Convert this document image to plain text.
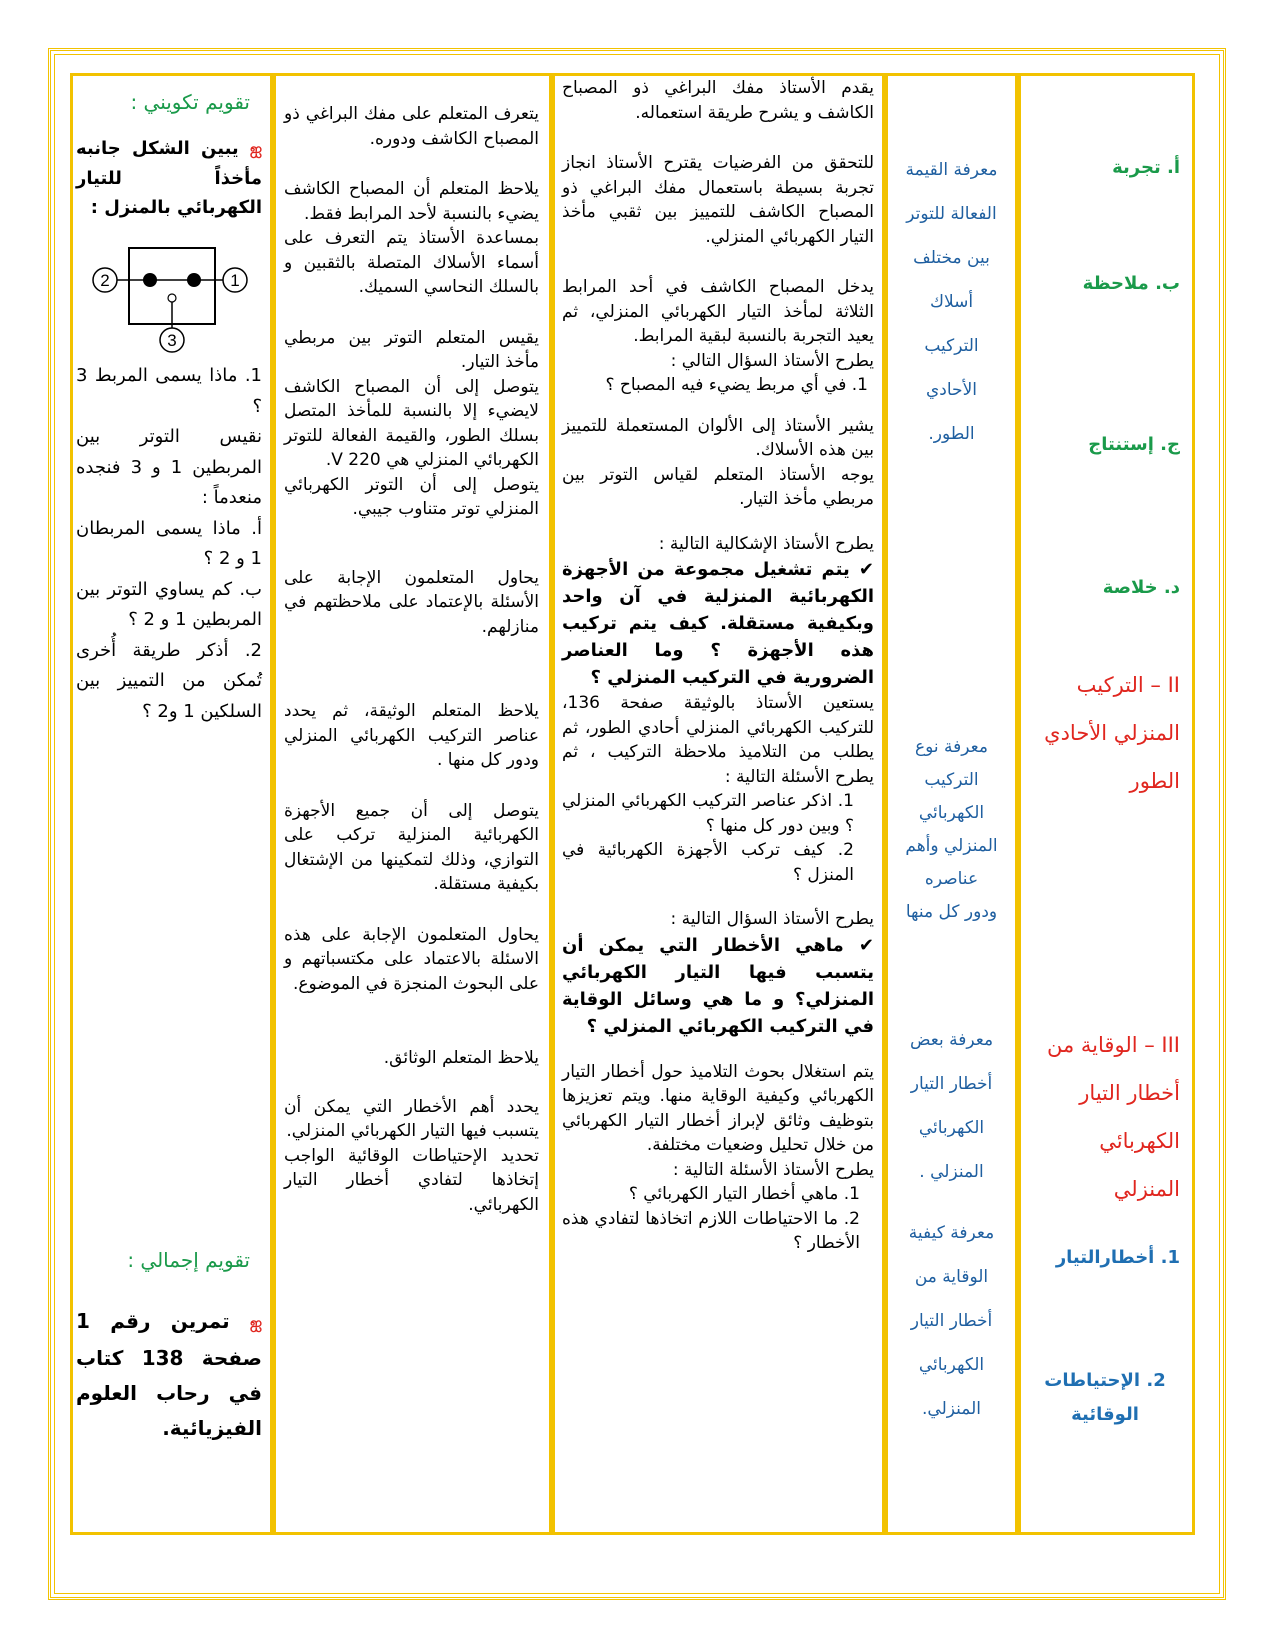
أ. تجربة
ب. ملاحظة
ج. إستنتاج
د. خلاصة
II – التركيب
المنزلي الأحادي
الطور
III – الوقاية من
أخطار التيار
الكهربائي
المنزلي
1. أخطارالتيار
2. الإحتياطات
الوقائية
معرفة القيمة
الفعالة للتوتر
بين مختلف
أسلاك
التركيب
الأحادي
الطور.
معرفة نوع
التركيب
الكهربائي
المنزلي وأهم
عناصره
ودور كل منها
معرفة بعض
أخطار التيار
الكهربائي
المنزلي .
معرفة كيفية
الوقاية من
أخطار التيار
الكهربائي
المنزلي.

يقدم الأستاذ مفك البراغي ذو المصباح الكاشف و يشرح طريقة استعماله.

للتحقق من الفرضيات يقترح الأستاذ انجاز تجربة بسيطة باستعمال مفك البراغي ذو المصباح الكاشف للتمييز بين ثقبي مأخذ التيار الكهربائي المنزلي.

يدخل المصباح الكاشف في أحد المرابط الثلاثة لمأخذ التيار الكهربائي المنزلي، ثم يعيد التجربة بالنسبة لبقية المرابط.

يطرح الأستاذ السؤال التالي :

1. في أي مربط يضيء فيه المصباح ؟

يشير الأستاذ إلى الألوان المستعملة للتمييز بين هذه الأسلاك.

يوجه الأستاذ المتعلم لقياس التوتر بين مربطي مأخذ التيار.

يطرح الأستاذ الإشكالية التالية :

✔ يتم تشغيل مجموعة من الأجهزة الكهربائية المنزلية في آن واحد وبكيفية مستقلة. كيف يتم تركيب هذه الأجهزة ؟ وما العناصر الضرورية في التركيب المنزلي ؟

يستعين الأستاذ بالوثيقة صفحة 136، للتركيب الكهربائي المنزلي أحادي الطور، ثم يطلب من التلاميذ ملاحظة التركيب ، ثم يطرح الأسئلة التالية :

1. اذكر عناصر التركيب الكهربائي المنزلي ؟ وبين دور كل منها ؟

2. كيف تركب الأجهزة الكهربائية في المنزل ؟

يطرح الأستاذ السؤال التالية :

✔ ماهي الأخطار التي يمكن أن يتسبب فيها التيار الكهربائي المنزلي؟ و ما هي وسائل الوقاية في التركيب الكهربائي المنزلي ؟

يتم استغلال بحوث التلاميذ حول أخطار التيار الكهربائي وكيفية الوقاية منها. ويتم تعزيزها بتوظيف وثائق لإبراز أخطار التيار الكهربائي من خلال تحليل وضعيات مختلفة.

يطرح الأستاذ الأسئلة التالية :

1. ماهي أخطار التيار الكهربائي ؟

2. ما الاحتياطات اللازم اتخاذها لتفادي هذه الأخطار ؟

يتعرف المتعلم على مفك البراغي ذو المصباح الكاشف ودوره.

يلاحظ المتعلم أن المصباح الكاشف يضيء بالنسبة لأحد المرابط فقط.

بمساعدة الأستاذ يتم التعرف على أسماء الأسلاك المتصلة بالثقبين و بالسلك النحاسي السميك.

يقيس المتعلم التوتر بين مربطي مأخذ التيار.

يتوصل إلى أن المصباح الكاشف لايضيء إلا بالنسبة للمأخذ المتصل بسلك الطور، والقيمة الفعالة للتوتر الكهربائي المنزلي هي 220 V.

يتوصل إلى أن التوتر الكهربائي المنزلي توتر متناوب جيبي.

يحاول المتعلمون الإجابة على الأسئلة بالإعتماد على ملاحظتهم في منازلهم.

يلاحظ المتعلم الوثيقة، ثم يحدد عناصر التركيب الكهربائي المنزلي ودور كل منها .

يتوصل إلى أن جميع الأجهزة الكهربائية المنزلية تركب على التوازي، وذلك لتمكينها من الإشتغال بكيفية مستقلة.

يحاول المتعلمون الإجابة على هذه الاسئلة بالاعتماد على مكتسباتهم و على البحوث المنجزة في الموضوع.

يلاحظ المتعلم الوثائق.

يحدد أهم الأخطار التي يمكن أن يتسبب فيها التيار الكهربائي المنزلي.

تحديد الإحتياطات الوقائية الواجب إتخاذها لتفادي أخطار التيار الكهربائي.

تقويم تكويني :
ஐ يبين الشكل جانبه مأخذاً للتيار الكهربائي بالمنزل :
1
2
3

1. ماذا يسمى المربط 3 ؟

نقيس التوتر بين المربطين 1 و 3 فنجده منعدماً :

أ. ماذا يسمى المربطان 1 و 2 ؟

ب. كم يساوي التوتر بين المربطين 1 و 2 ؟

2. أذكر طريقة أُخرى تُمكن من التمييز بين السلكين 1 و2 ؟

تقويم إجمالي :
ஐ تمرين رقم 1 صفحة 138 كتاب في رحاب العلوم الفيزيائية.
